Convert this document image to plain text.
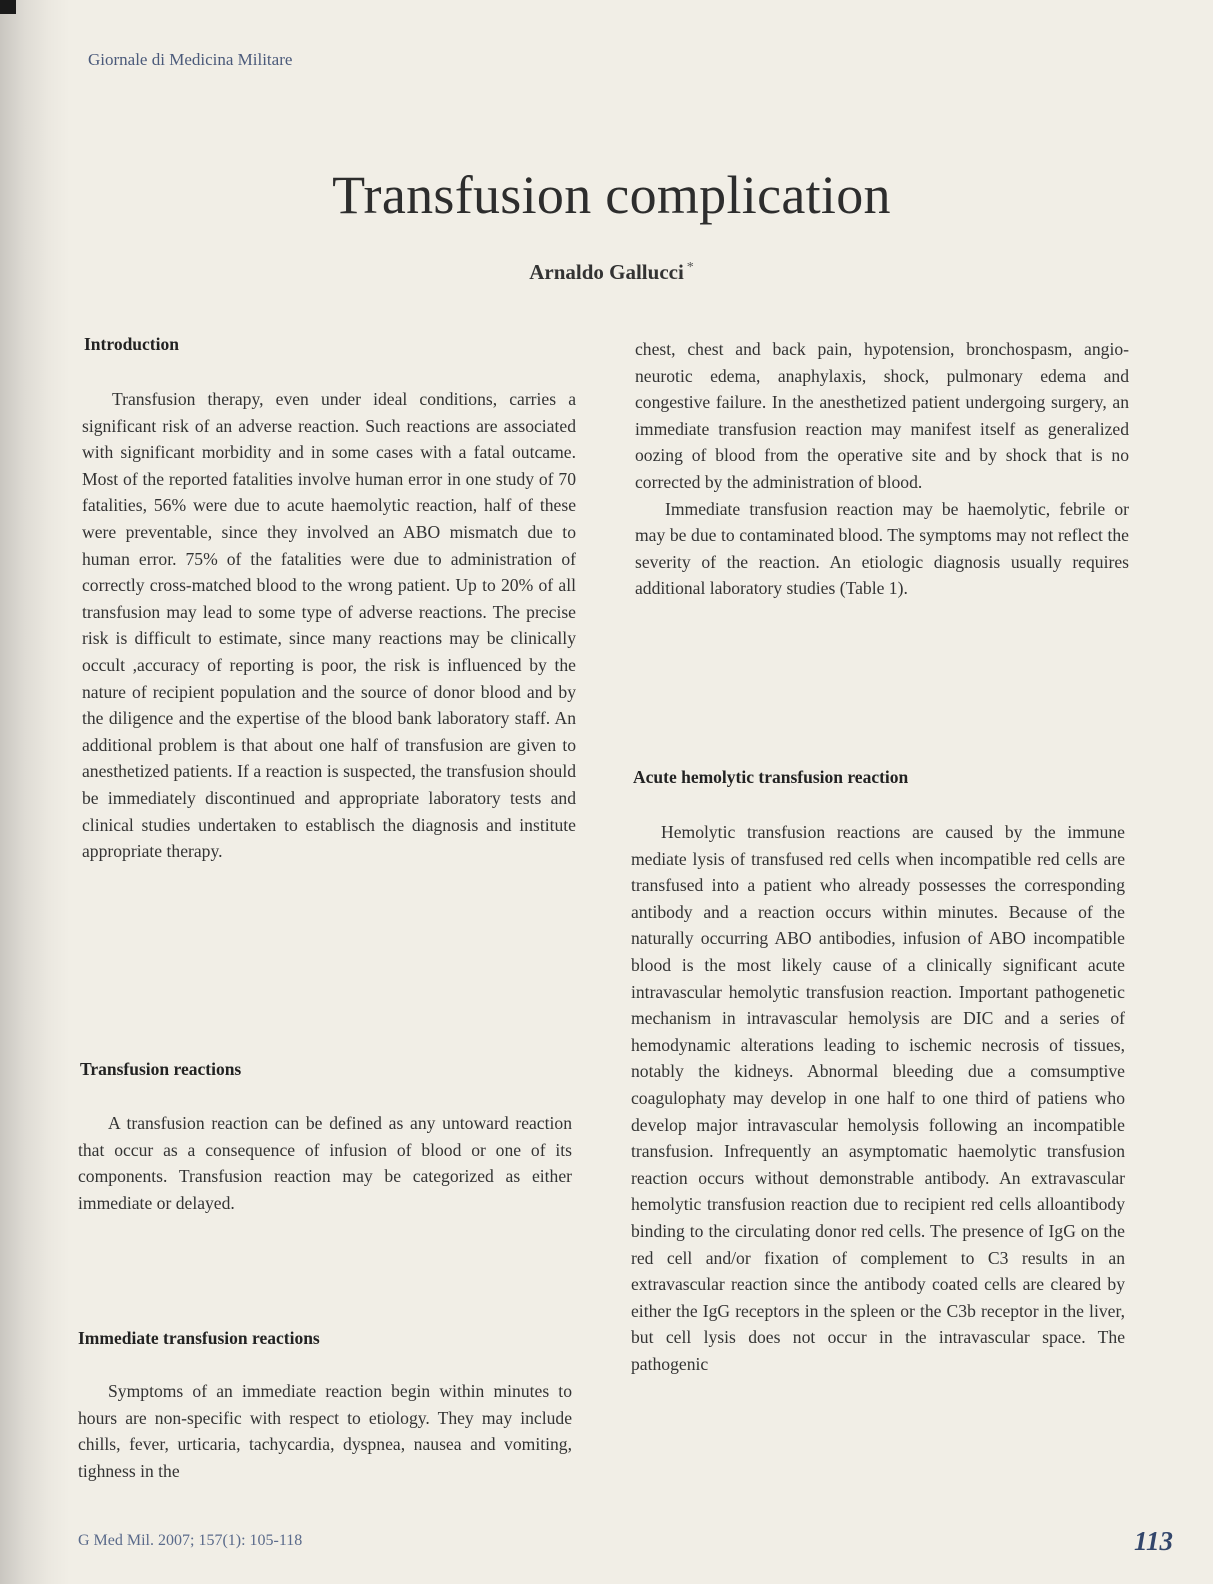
Giornale di Medicina Militare
Transfusion complication
Arnaldo Gallucci *
Introduction

Transfusion therapy, even under ideal conditions, carries a significant risk of an adverse reaction. Such reactions are associated with significant morbidity and in some cases with a fatal outcame. Most of the reported fatalities involve human error in one study of 70 fatalities, 56% were due to acute haemolytic reaction, half of these were preventable, since they involved an ABO mismatch due to human error. 75% of the fatalities were due to administration of correctly cross-matched blood to the wrong patient. Up to 20% of all transfusion may lead to some type of adverse reactions. The precise risk is difficult to estimate, since many reactions may be clinically occult ,accuracy of reporting is poor, the risk is influenced by the nature of recipient population and the source of donor blood and by the diligence and the expertise of the blood bank laboratory staff. An additional problem is that about one half of transfusion are given to anesthetized patients. If a reaction is suspected, the transfusion should be immediately discontinued and appropriate laboratory tests and clinical studies undertaken to establisch the diagnosis and institute appropriate therapy.

Transfusion reactions

A transfusion reaction can be defined as any untoward reaction that occur as a consequence of infusion of blood or one of its components. Transfusion reaction may be categorized as either immediate or delayed.

Immediate transfusion reactions

Symptoms of an immediate reaction begin within minutes to hours are non-specific with respect to etiology. They may include chills, fever, urticaria, tachycardia, dyspnea, nausea and vomiting, tighness in the

chest, chest and back pain, hypotension, bronchospasm, angio-neurotic edema, anaphylaxis, shock, pulmonary edema and congestive failure. In the anesthetized patient undergoing surgery, an immediate transfusion reaction may manifest itself as generalized oozing of blood from the operative site and by shock that is no corrected by the administration of blood.

Immediate transfusion reaction may be haemolytic, febrile or may be due to contaminated blood. The symptoms may not reflect the severity of the reaction. An etiologic diagnosis usually requires additional laboratory studies (Table 1).

Acute hemolytic transfusion reaction

Hemolytic transfusion reactions are caused by the immune mediate lysis of transfused red cells when incompatible red cells are transfused into a patient who already possesses the corresponding antibody and a reaction occurs within minutes. Because of the naturally occurring ABO antibodies, infusion of ABO incompatible blood is the most likely cause of a clinically significant acute intravascular hemolytic transfusion reaction. Important pathogenetic mechanism in intravascular hemolysis are DIC and a series of hemodynamic alterations leading to ischemic necrosis of tissues, notably the kidneys. Abnormal bleeding due a comsumptive coagulophaty may develop in one half to one third of patiens who develop major intravascular hemolysis following an incompatible transfusion. Infrequently an asymptomatic haemolytic transfusion reaction occurs without demonstrable antibody. An extravascular hemolytic transfusion reaction due to recipient red cells alloantibody binding to the circulating donor red cells. The presence of IgG on the red cell and/or fixation of complement to C3 results in an extravascular reaction since the antibody coated cells are cleared by either the IgG receptors in the spleen or the C3b receptor in the liver, but cell lysis does not occur in the intravascular space. The pathogenic

G Med Mil. 2007; 157(1): 105-118	113
